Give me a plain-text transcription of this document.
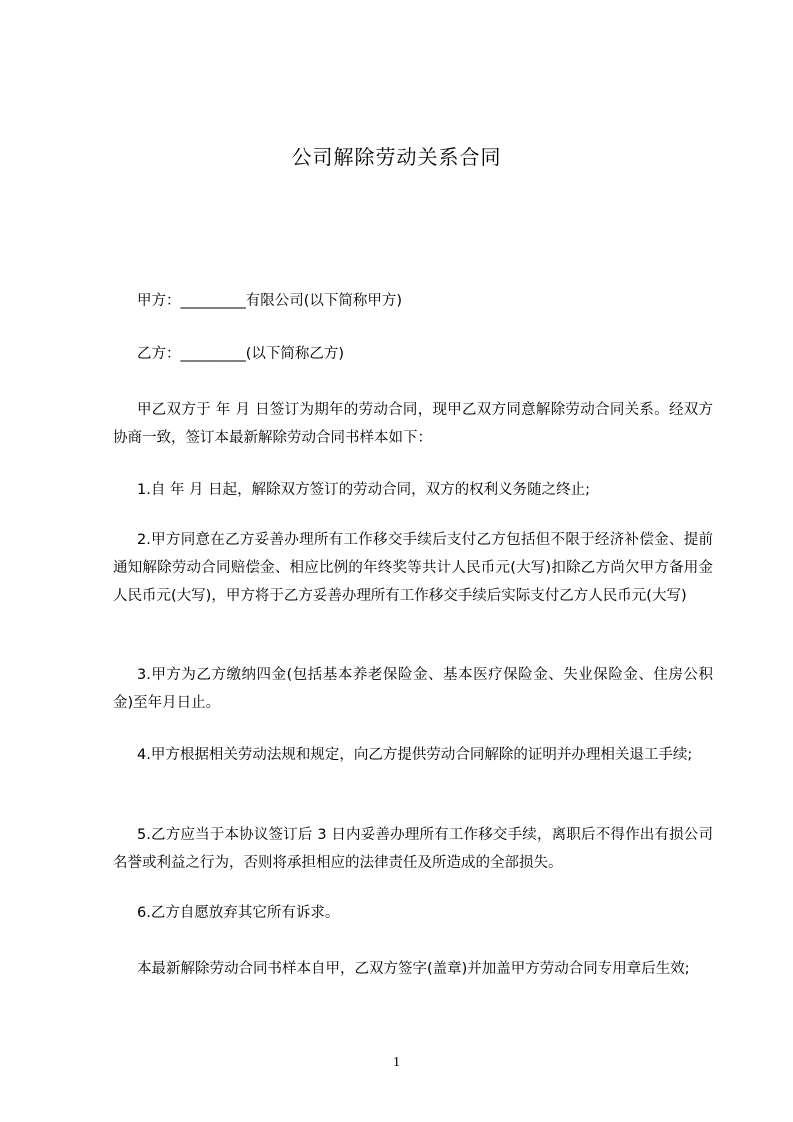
公司解除劳动关系合同

甲方：_________有限公司(以下简称甲方)

乙方：_________(以下简称乙方)

甲乙双方于 年 月 日签订为期年的劳动合同，现甲乙双方同意解除劳动合同关系。经双方协商一致，签订本最新解除劳动合同书样本如下：

1.自 年 月 日起，解除双方签订的劳动合同，双方的权利义务随之终止;

2.甲方同意在乙方妥善办理所有工作移交手续后支付乙方包括但不限于经济补偿金、提前通知解除劳动合同赔偿金、相应比例的年终奖等共计人民币元(大写)扣除乙方尚欠甲方备用金人民币元(大写)，甲方将于乙方妥善办理所有工作移交手续后实际支付乙方人民币元(大写)

3.甲方为乙方缴纳四金(包括基本养老保险金、基本医疗保险金、失业保险金、住房公积金)至年月日止。

4.甲方根据相关劳动法规和规定，向乙方提供劳动合同解除的证明并办理相关退工手续;

5.乙方应当于本协议签订后 3 日内妥善办理所有工作移交手续，离职后不得作出有损公司名誉或利益之行为，否则将承担相应的法律责任及所造成的全部损失。

6.乙方自愿放弃其它所有诉求。

本最新解除劳动合同书样本自甲，乙双方签字(盖章)并加盖甲方劳动合同专用章后生效;

1
